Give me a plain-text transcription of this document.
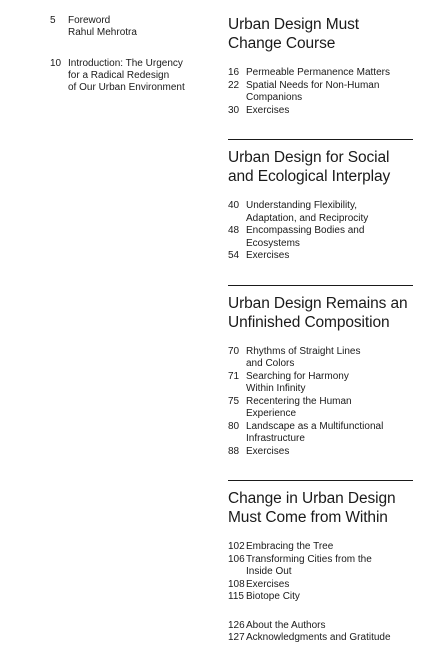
5	Foreword
Rahul Mehrotra
10 Introduction: The Urgency
for a Radical Redesign
of Our Urban Environment
Urban Design Must Change Course
16 Permeable Permanence Matters
22 Spatial Needs for Non-Human
Companions
30 Exercises
Urban Design for Social and Ecological Interplay
40 Understanding Flexibility,
Adaptation, and Reciprocity
48 Encompassing Bodies and
Ecosystems
54 Exercises
Urban Design Remains an Unfinished Composition
70 Rhythms of Straight Lines
and Colors
71 Searching for Harmony
Within Infinity
75 Recentering the Human
Experience
80 Landscape as a Multifunctional
Infrastructure
88 Exercises
Change in Urban Design Must Come from Within
102 Embracing the Tree
106 Transforming Cities from the
Inside Out
108 Exercises
115 Biotope City
126 About the Authors
127 Acknowledgments and Gratitude
